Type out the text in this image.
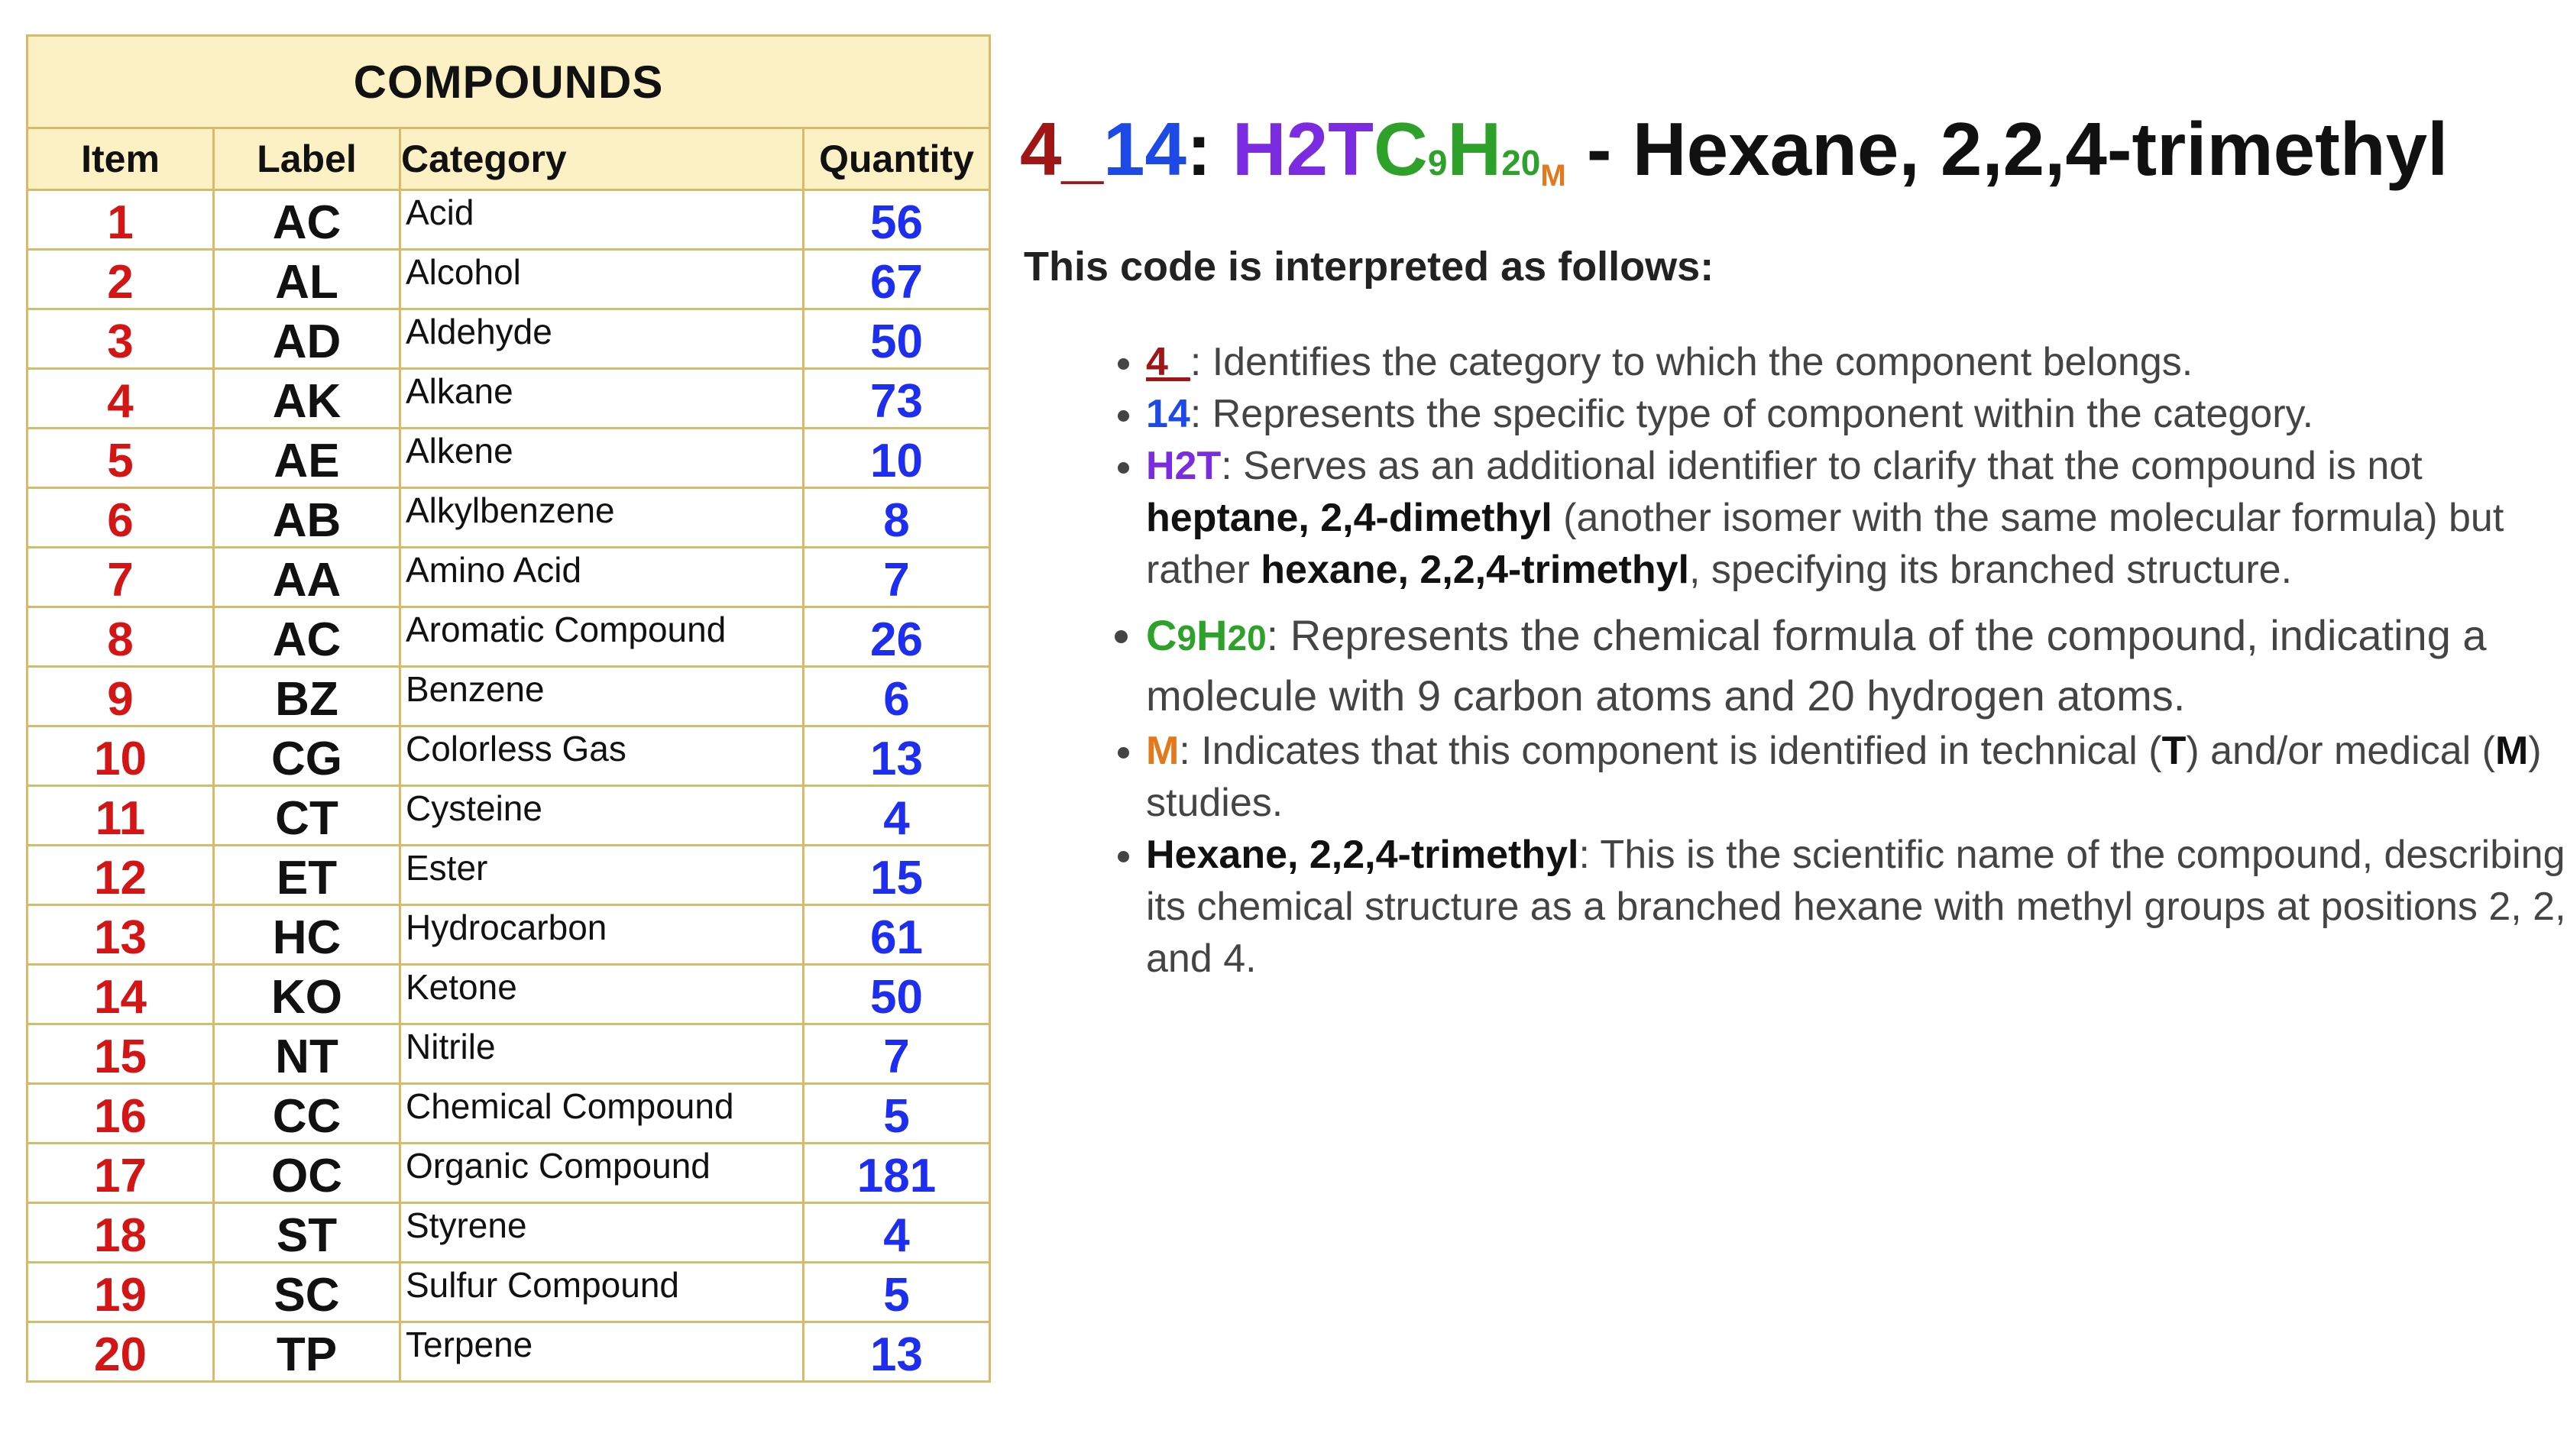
COMPOUNDS			
Item	Label	Category	Quantity
1	AC	Acid	56
2	AL	Alcohol	67
3	AD	Aldehyde	50
4	AK	Alkane	73
5	AE	Alkene	10
6	AB	Alkylbenzene	8
7	AA	Amino Acid	7
8	AC	Aromatic Compound	26
9	BZ	Benzene	6
10	CG	Colorless Gas	13
11	CT	Cysteine	4
12	ET	Ester	15
13	HC	Hydrocarbon	61
14	KO	Ketone	50
15	NT	Nitrile	7
16	CC	Chemical Compound	5
17	OC	Organic Compound	181
18	ST	Styrene	4
19	SC	Sulfur Compound	5
20	TP	Terpene	13
4_14: H2TC9H20M - Hexane, 2,2,4-trimethyl
This code is interpreted as follows:
• 4_: Identifies the category to which the component belongs.
• 14: Represents the specific type of component within the category.
• H2T: Serves as an additional identifier to clarify that the compound is not heptane, 2,4-dimethyl (another isomer with the same molecular formula) but rather hexane, 2,2,4-trimethyl, specifying its branched structure.
• C9H20: Represents the chemical formula of the compound, indicating a molecule with 9 carbon atoms and 20 hydrogen atoms.
• M: Indicates that this component is identified in technical (T) and/or medical (M) studies.
• Hexane, 2,2,4-trimethyl: This is the scientific name of the compound, describing its chemical structure as a branched hexane with methyl groups at positions 2, 2, and 4.
